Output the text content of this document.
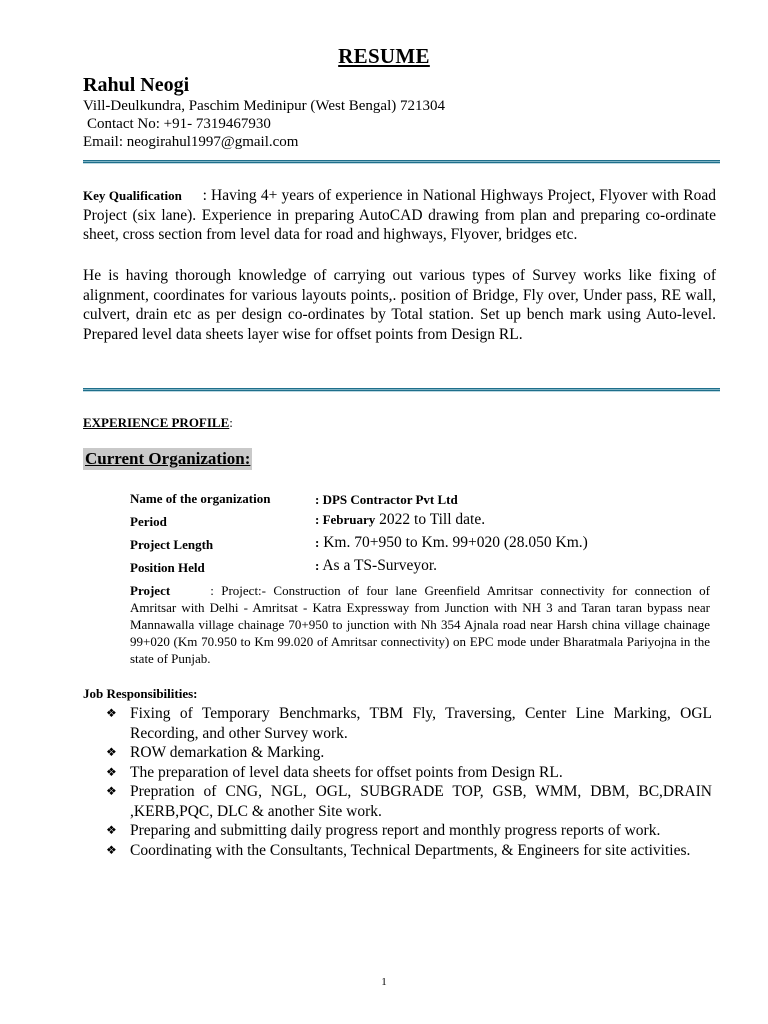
RESUME
Rahul Neogi
Vill-Deulkundra, Paschim Medinipur (West Bengal) 721304
Contact No: +91- 7319467930
Email: neogirahul1997@gmail.com
Key Qualification : Having 4+ years of experience in National Highways Project, Flyover with Road Project (six lane). Experience in preparing AutoCAD drawing from plan and preparing co-ordinate sheet, cross section from level data for road and highways, Flyover, bridges etc.
He is having thorough knowledge of carrying out various types of Survey works like fixing of alignment, coordinates for various layouts points,. position of Bridge, Fly over, Under pass, RE wall, culvert, drain etc as per design co-ordinates by Total station. Set up bench mark using Auto-level. Prepared level data sheets layer wise for offset points from Design RL.
EXPERIENCE PROFILE:
Current Organization:
Name of the organization	: DPS Contractor Pvt Ltd
Period	: February 2022 to Till date.
Project Length	: Km. 70+950 to Km. 99+020 (28.050 Km.)
Position Held	: As a TS-Surveyor.
Project	: Project:- Construction of four lane Greenfield Amritsar connectivity for connection of Amritsar with Delhi - Amritsat - Katra Expressway from Junction with NH 3 and Taran taran bypass near Mannawalla village chainage 70+950 to junction with Nh 354 Ajnala road near Harsh china village chainage 99+020 (Km 70.950 to Km 99.020 of Amritsar connectivity) on EPC mode under Bharatmala Pariyojna in the state of Punjab.
Job Responsibilities:
❖ Fixing of Temporary Benchmarks, TBM Fly, Traversing, Center Line Marking, OGL Recording, and other Survey work.
❖ ROW demarkation & Marking.
❖ The preparation of level data sheets for offset points from Design RL.
❖ Prepration of CNG, NGL, OGL, SUBGRADE TOP, GSB, WMM, DBM, BC,DRAIN ,KERB,PQC, DLC & another Site work.
❖ Preparing and submitting daily progress report and monthly progress reports of work.
❖ Coordinating with the Consultants, Technical Departments, & Engineers for site activities.
1
